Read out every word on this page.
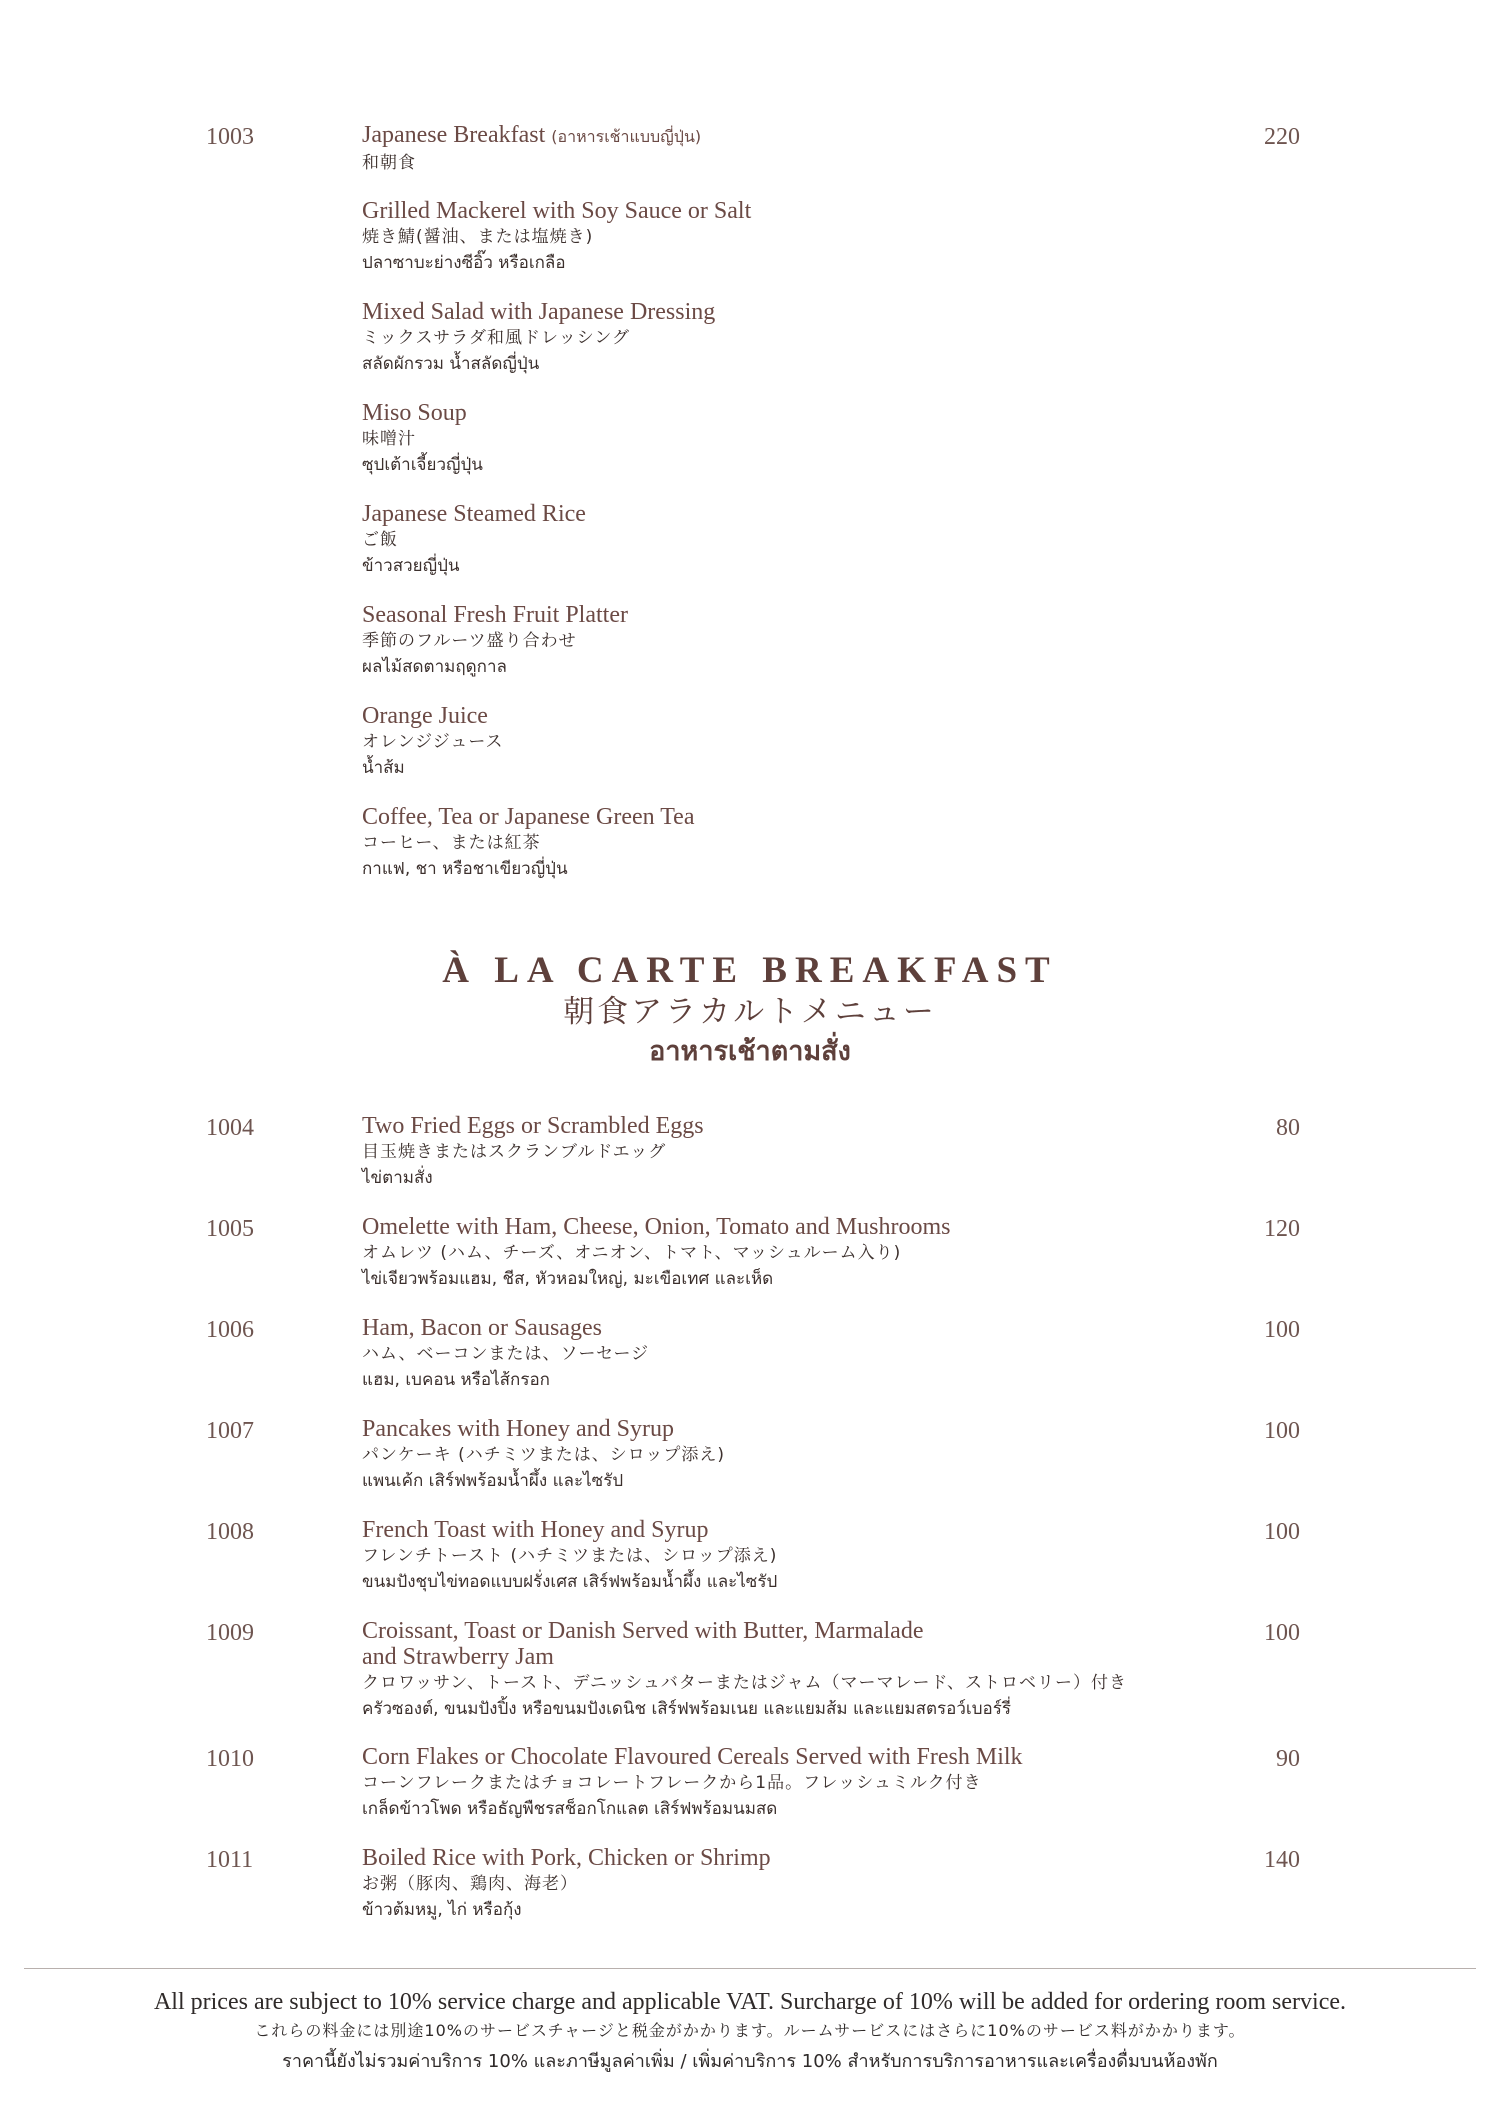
1003	Japanese Breakfast (อาหารเช้าแบบญี่ปุ่น)
和朝食
220
Grilled Mackerel with Soy Sauce or Salt
焼き鯖(醤油、または塩焼き)
ปลาซาบะย่างซีอิ๊ว หรือเกลือ
Mixed Salad with Japanese Dressing
ミックスサラダ和風ドレッシング
สลัดผักรวม น้ำสลัดญี่ปุ่น
Miso Soup
味噌汁
ซุปเต้าเจี้ยวญี่ปุ่น
Japanese Steamed Rice
ご飯
ข้าวสวยญี่ปุ่น
Seasonal Fresh Fruit Platter
季節のフルーツ盛り合わせ
ผลไม้สดตามฤดูกาล
Orange Juice
オレンジジュース
น้ำส้ม
Coffee, Tea or Japanese Green Tea
コーヒー、または紅茶
กาแฟ, ชา หรือชาเขียวญี่ปุ่น
À LA CARTE BREAKFAST
朝食アラカルトメニュー
อาหารเช้าตามสั่ง
1004	Two Fried Eggs or Scrambled Eggs
目玉焼きまたはスクランブルドエッグ
ไข่ตามสั่ง
80
1005	Omelette with Ham, Cheese, Onion, Tomato and Mushrooms
オムレツ (ハム、チーズ、オニオン、トマト、マッシュルーム入り)
ไข่เจียวพร้อมแฮม, ชีส, หัวหอมใหญ่, มะเขือเทศ และเห็ด
120
1006	Ham, Bacon or Sausages
ハム、ベーコンまたは、ソーセージ
แฮม, เบคอน หรือไส้กรอก
100
1007	Pancakes with Honey and Syrup
パンケーキ (ハチミツまたは、シロップ添え)
แพนเค้ก เสิร์ฟพร้อมน้ำผึ้ง และไซรัป
100
1008	French Toast with Honey and Syrup
フレンチトースト (ハチミツまたは、シロップ添え)
ขนมปังชุบไข่ทอดแบบฝรั่งเศส เสิร์ฟพร้อมน้ำผึ้ง และไซรัป
100
1009	Croissant, Toast or Danish Served with Butter, Marmalade
and Strawberry Jam
クロワッサン、トースト、デニッシュバターまたはジャム（マーマレード、ストロベリー）付き
ครัวซองต์, ขนมปังปิ้ง หรือขนมปังเดนิช เสิร์ฟพร้อมเนย และแยมส้ม และแยมสตรอว์เบอร์รี่
100
1010	Corn Flakes or Chocolate Flavoured Cereals Served with Fresh Milk
コーンフレークまたはチョコレートフレークから1品。フレッシュミルク付き
เกล็ดข้าวโพด หรือธัญพืชรสช็อกโกแลต เสิร์ฟพร้อมนมสด
90
1011	Boiled Rice with Pork, Chicken or Shrimp
お粥（豚肉、鶏肉、海老）
ข้าวต้มหมู, ไก่ หรือกุ้ง
140
All prices are subject to 10% service charge and applicable VAT. Surcharge of 10% will be added for ordering room service.
これらの料金には別途10%のサービスチャージと税金がかかります。ルームサービスにはさらに10%のサービス料がかかります。
ราคานี้ยังไม่รวมค่าบริการ 10% และภาษีมูลค่าเพิ่ม / เพิ่มค่าบริการ 10% สำหรับการบริการอาหารและเครื่องดื่มบนห้องพัก
